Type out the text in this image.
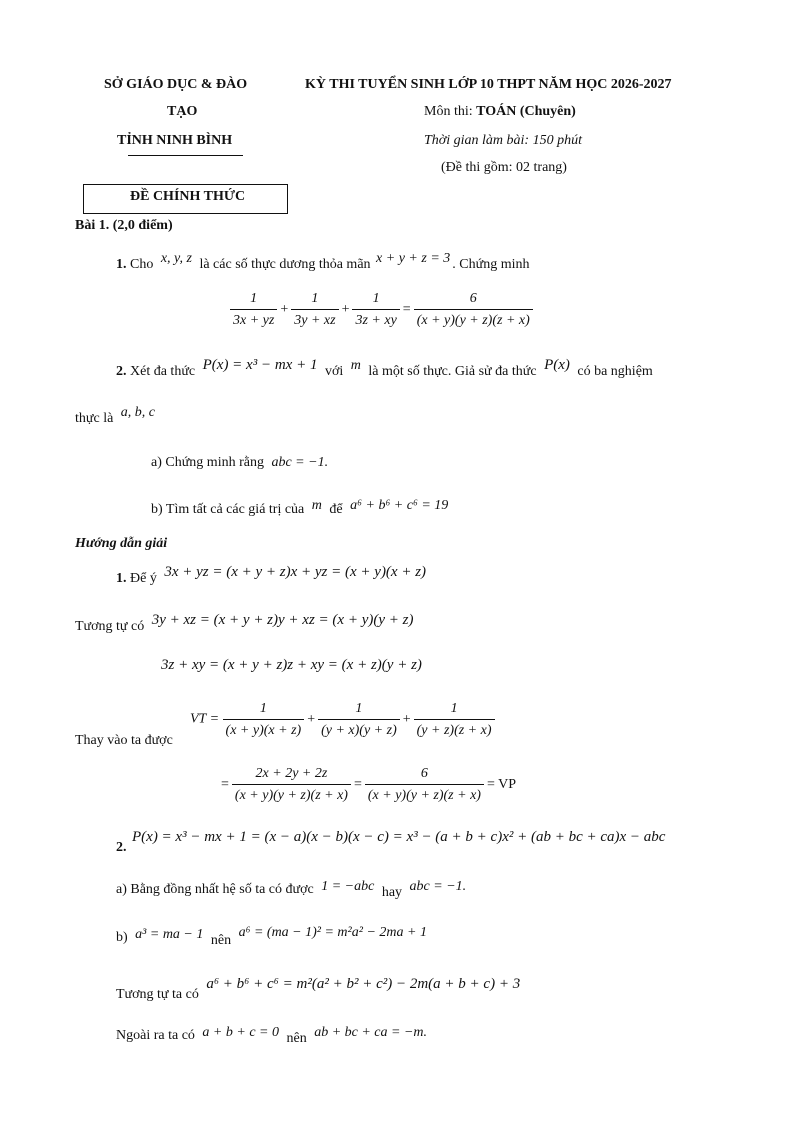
SỞ GIÁO DỤC & ĐÀO
TẠO
TỈNH NINH BÌNH
KỲ THI TUYỂN SINH LỚP 10 THPT NĂM HỌC 2026-2027
Môn thi: TOÁN (Chuyên)
Thời gian làm bài: 150 phút
(Đề thi gồm: 02 trang)
ĐỀ CHÍNH THỨC
Bài 1. (2,0 điểm)
1. Cho x, y, z là các số thực dương thỏa mãn x + y + z = 3 . Chứng minh
$\frac{1}{3x + yz} + \frac{1}{3y + xz} + \frac{1}{3z + xy} = \frac{6}{(x + y)(y + z)(z + x)}$
2. Xét đa thức P(x) = x³ − mx + 1 với m là một số thực. Giả sử đa thức P(x) có ba nghiệm
thực là a, b, c
a) Chứng minh rằng abc = −1.
b) Tìm tất cả các giá trị của m để a⁶ + b⁶ + c⁶ = 19
Hướng dẫn giải
1. Để ý 3x + yz = (x + y + z)x + yz = (x + y)(x + z)
Tương tự có 3y + xz = (x + y + z)y + xz = (x + y)(y + z)
3z + xy = (x + y + z)z + xy = (x + z)(y + z)
Thay vào ta được
VT = $\frac{1}{(x + y)(x + z)} + \frac{1}{(y + x)(y + z)} + \frac{1}{(y + z)(z + x)}$
= $\frac{2x + 2y + 2z}{(x + y)(y + z)(z + x)} = \frac{6}{(x + y)(y + z)(z + x)}$ = VP
2. P(x) = x³ − mx + 1 = (x − a)(x − b)(x − c) = x³ − (a + b + c)x² + (ab + bc + ca)x − abc
a) Bằng đồng nhất hệ số ta có được 1 = −abc hay abc = −1.
b) a³ = ma − 1 nên a⁶ = (ma − 1)² = m²a² − 2ma + 1
Tương tự ta có a⁶ + b⁶ + c⁶ = m²(a² + b² + c²) − 2m(a + b + c) + 3
Ngoài ra ta có a + b + c = 0 nên ab + bc + ca = −m.
